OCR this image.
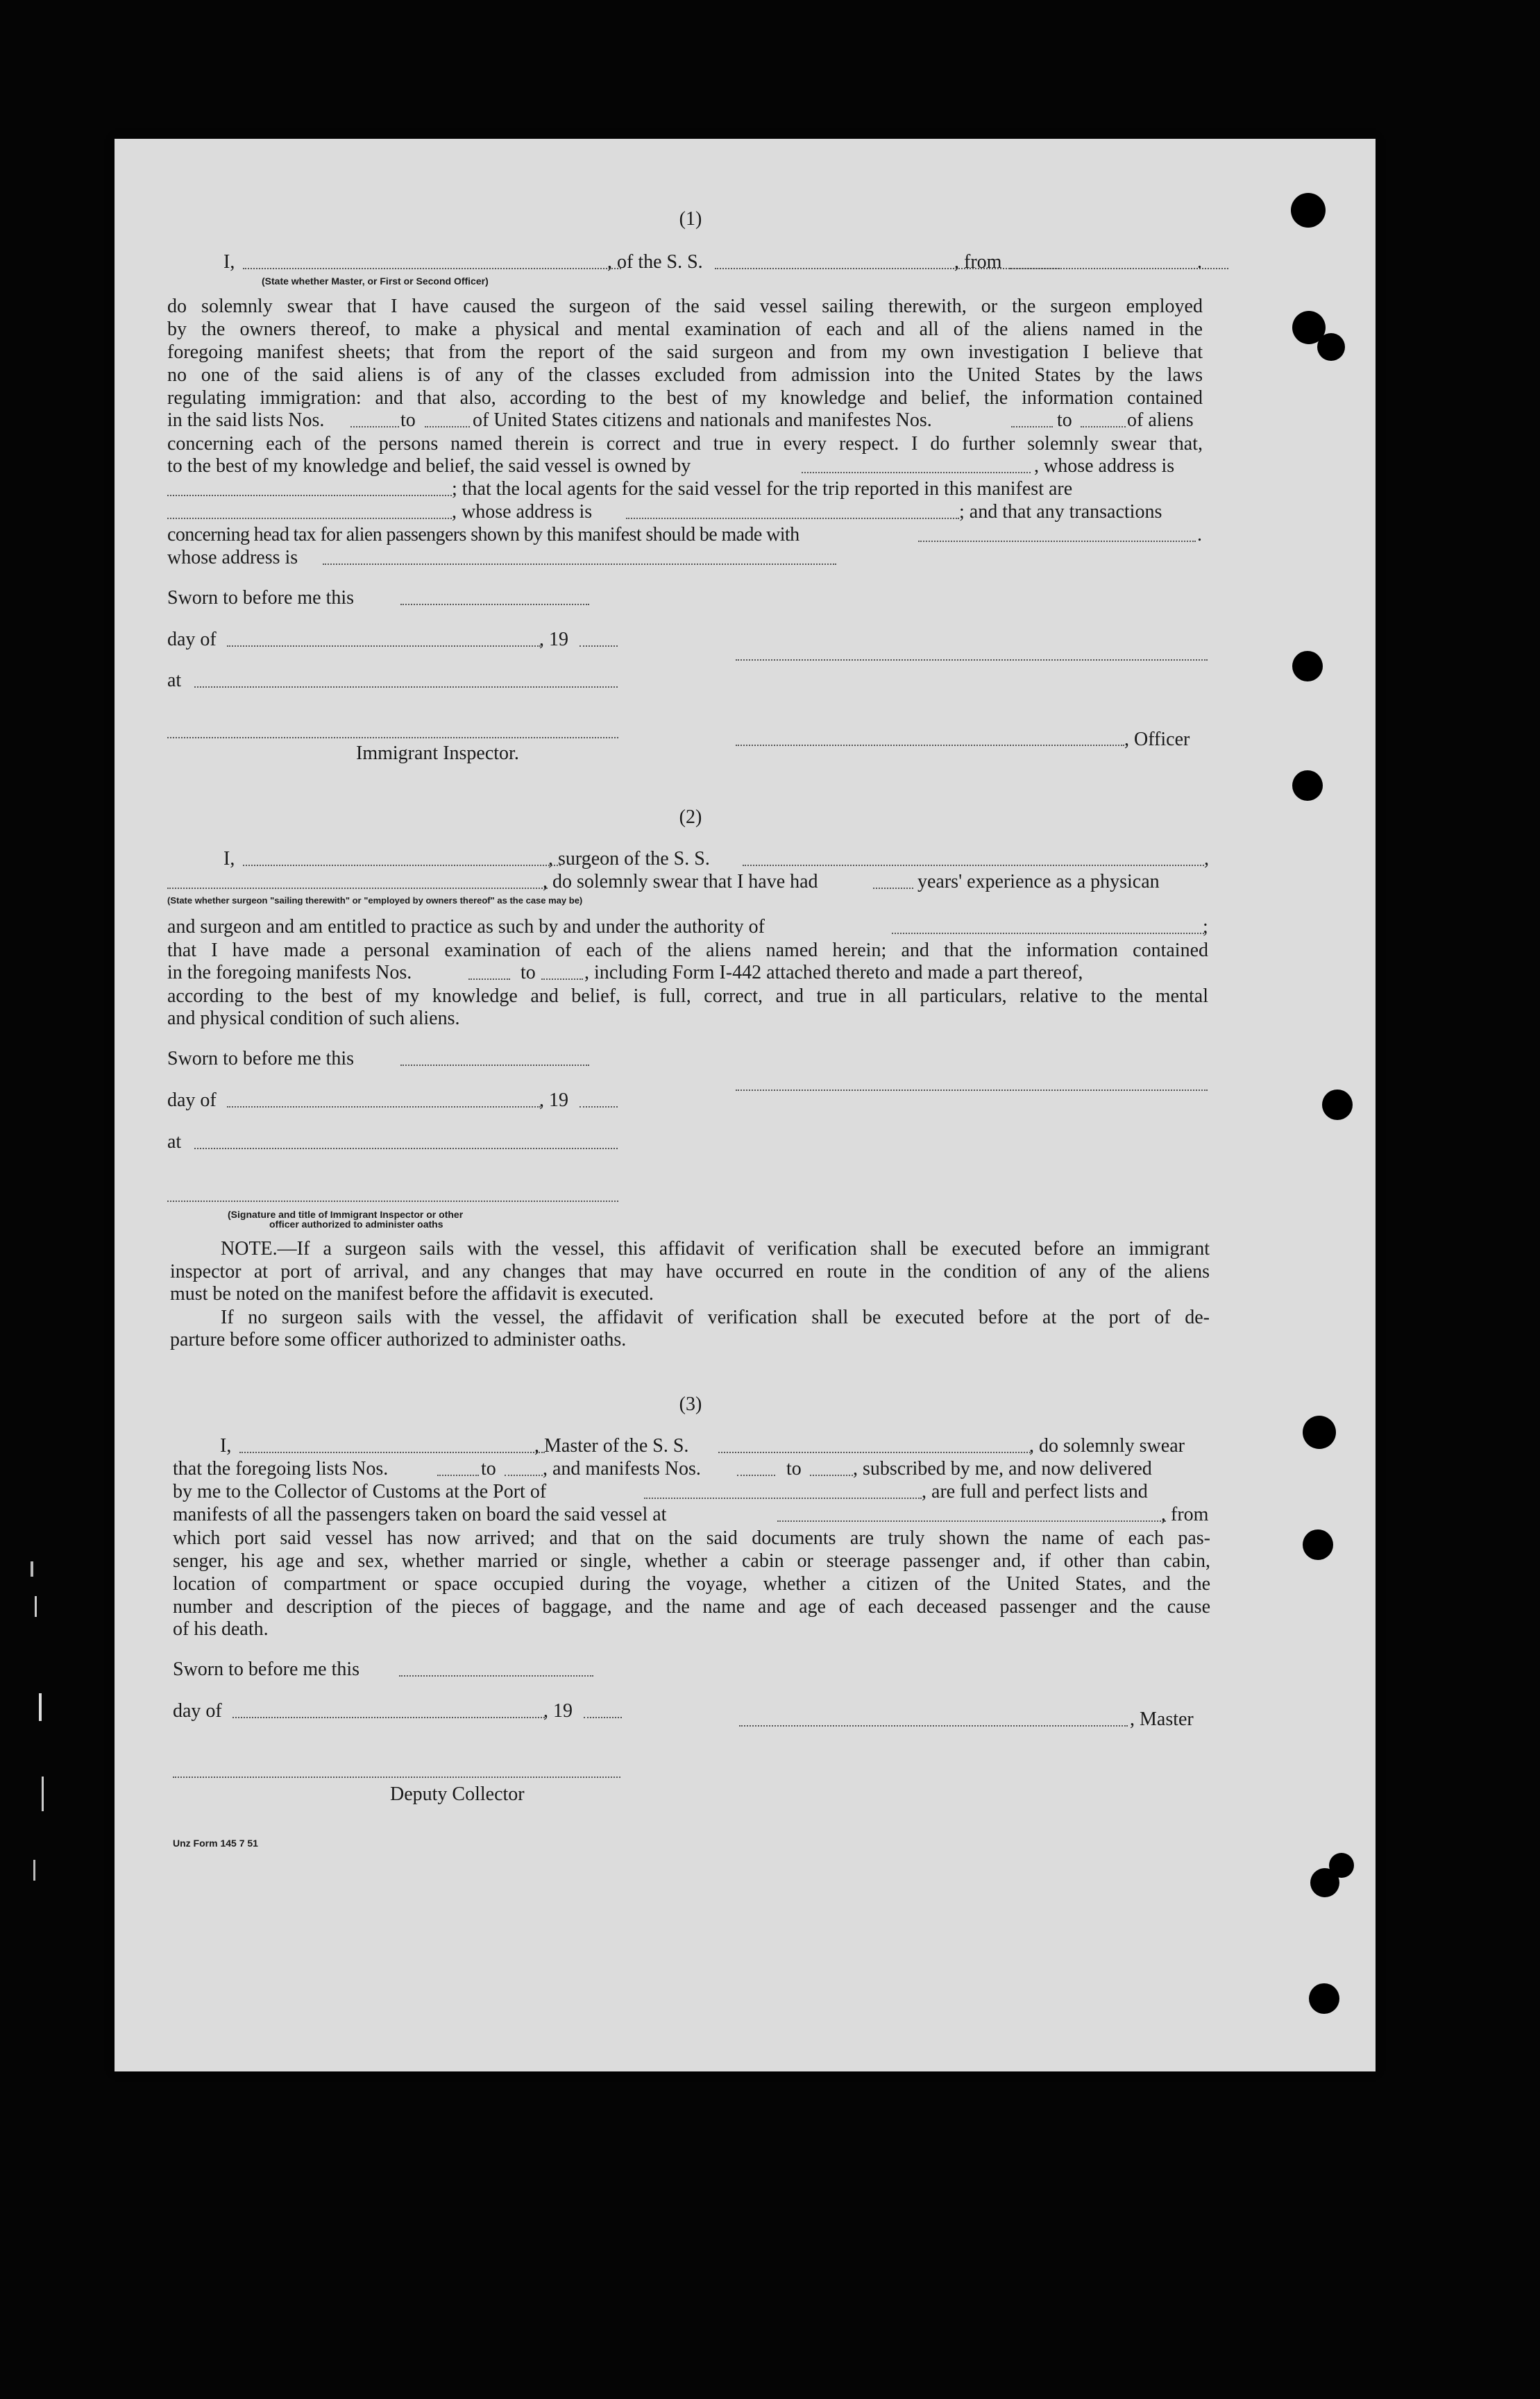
(1)
I,	, of the S. S.	, from	.
(State whether Master, or First or Second Officer)
do solemnly swear that I have caused the surgeon of the said vessel sailing therewith, or the surgeon employed
by the owners thereof, to make a physical and mental examination of each and all of the aliens named in the
foregoing manifest sheets; that from the report of the said surgeon and from my own investigation I believe that
no one of the said aliens is of any of the classes excluded from admission into the United States by the laws
regulating immigration: and that also, according to the best of my knowledge and belief, the information contained
in the said lists Nos.	to	of United States citizens and nationals and manifestes Nos.	to	of aliens
concerning each of the persons named therein is correct and true in every respect. I do further solemnly swear that,
to the best of my knowledge and belief, the said vessel is owned by	, whose address is
; that the local agents for the said vessel for the trip reported in this manifest are
, whose address is	; and that any transactions
concerning head tax for alien passengers shown by this manifest should be made with	.
whose address is
Sworn to before me this
day of	, 19
at
, Officer
Immigrant Inspector.
(2)
I,	, surgeon of the S. S.	,
, do solemnly swear that I have had	years' experience as a physican
(State whether surgeon "sailing therewith" or "employed by owners thereof" as the case may be)
and surgeon and am entitled to practice as such by and under the authority of	;
that I have made a personal examination of each of the aliens named herein; and that the information contained
in the foregoing manifests Nos.	to	, including Form I-442 attached thereto and made a part thereof,
according to the best of my knowledge and belief, is full, correct, and true in all particulars, relative to the mental
and physical condition of such aliens.
Sworn to before me this
day of	, 19
at
(Signature and title of Immigrant Inspector or other
officer authorized to administer oaths
NOTE.—If a surgeon sails with the vessel, this affidavit of verification shall be executed before an immigrant
inspector at port of arrival, and any changes that may have occurred en route in the condition of any of the aliens
must be noted on the manifest before the affidavit is executed.
If no surgeon sails with the vessel, the affidavit of verification shall be executed before at the port of de-
parture before some officer authorized to administer oaths.
(3)
I,	, Master of the S. S.	, do solemnly swear
that the foregoing lists Nos.	to , and manifests Nos.	to	, subscribed by me, and now delivered
by me to the Collector of Customs at the Port of	, are full and perfect lists and
manifests of all the passengers taken on board the said vessel at	, from
which port said vessel has now arrived; and that on the said documents are truly shown the name of each pas-
senger, his age and sex, whether married or single, whether a cabin or steerage passenger and, if other than cabin,
location of compartment or space occupied during the voyage, whether a citizen of the United States, and the
number and description of the pieces of baggage, and the name and age of each deceased passenger and the cause
of his death.
Sworn to before me this
day of	, 19	, Master
Deputy Collector
Unz Form 145 7 51
